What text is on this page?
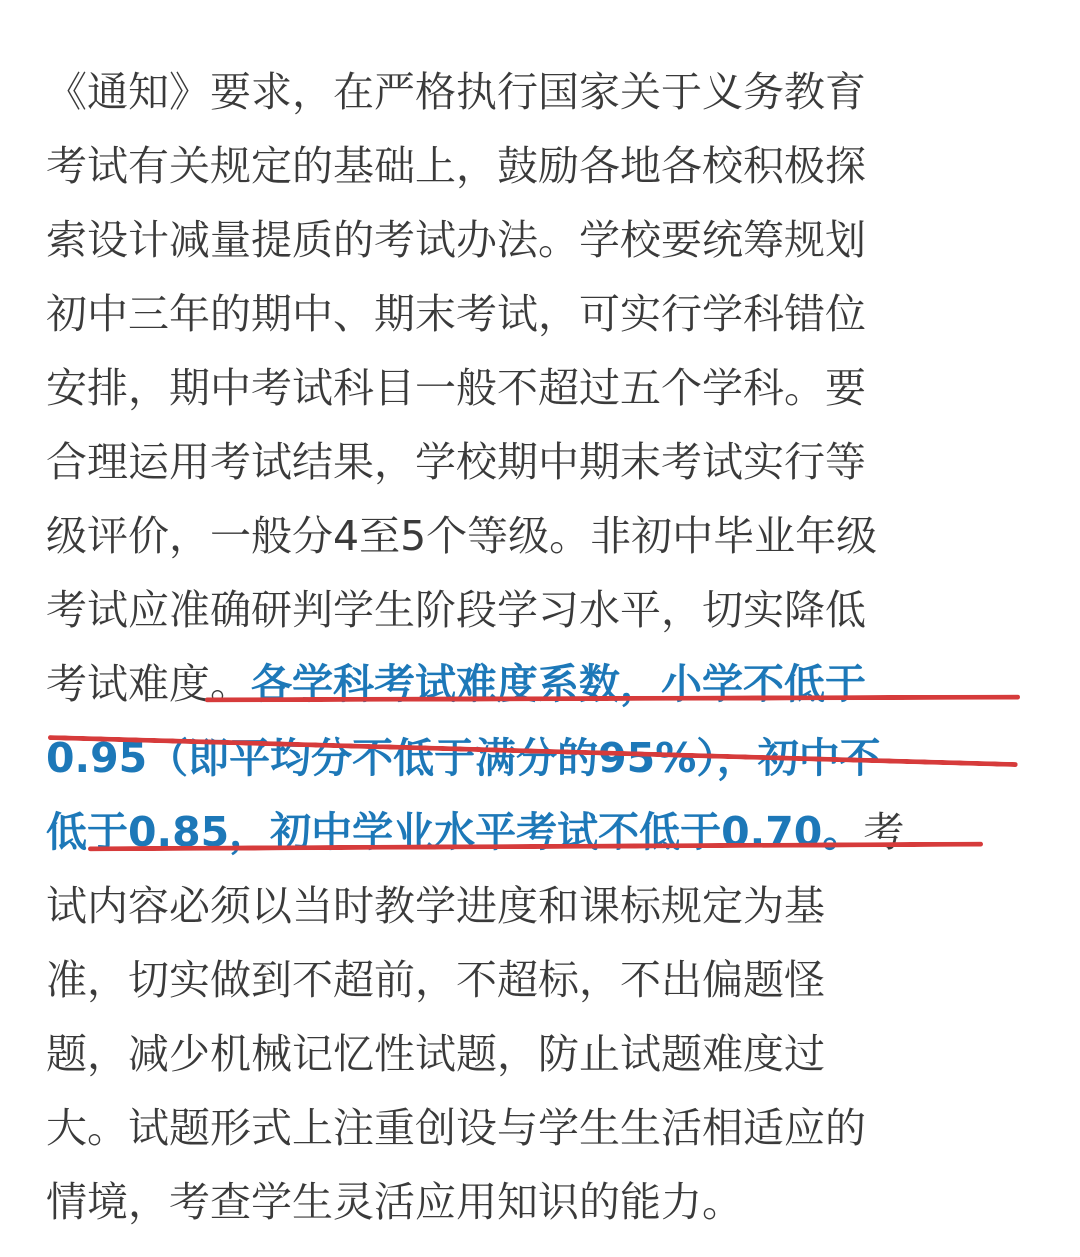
《通知》要求，在严格执行国家关于义务教育
考试有关规定的基础上，鼓励各地各校积极探
索设计减量提质的考试办法。学校要统筹规划
初中三年的期中、期末考试，可实行学科错位
安排，期中考试科目一般不超过五个学科。要
合理运用考试结果，学校期中期末考试实行等
级评价，一般分4至5个等级。非初中毕业年级
考试应准确研判学生阶段学习水平，切实降低
考试难度。各学科考试难度系数，小学不低于
0.95（即平均分不低于满分的95%），初中不
低于0.85，初中学业水平考试不低于0.70。考
试内容必须以当时教学进度和课标规定为基
准，切实做到不超前，不超标，不出偏题怪
题，减少机械记忆性试题，防止试题难度过
大。试题形式上注重创设与学生生活相适应的
情境，考查学生灵活应用知识的能力。
